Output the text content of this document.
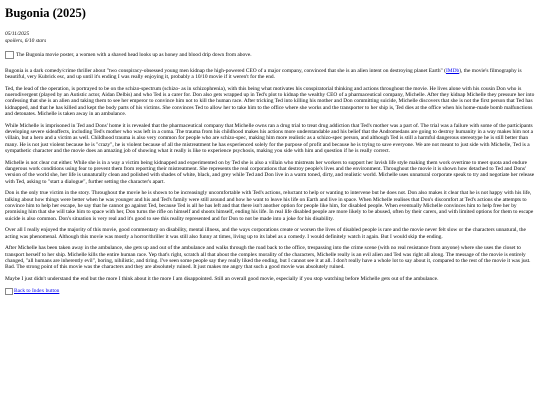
Bugonia (2025)
05/11/2025
spoilers, 6/10 stars
The Bugonia movie poster, a women with a shaved head looks up as honey and blood drip down from above.

Bugonia is a dark comedy/crime thriller about "two conspiracy-obsessed young men kidnap the high-powered CEO of a major company, convinced that she is an alien intent on destroying planet Earth" (IMDb), the movie's filmography is beautiful, very Kubrick esc, and up until it's ending I was really enjoying it, probably a 10/10 movie if it weren't for the end.

Ted, the lead of the operation, is portrayed to be on the schizo-spectrum (schizo- as in schizophrenia), with this being what motivates his conspiratorial thinking and actions throughout the movie. He lives alone with his cousin Don who is nuerodivergent (played by an Autistic actor, Aidan Delbis) and who Ted is a carer for. Don also gets wrapped up in Ted's plot to kidnap the wealthy CEO of a pharmaceutical company, Michelle. After they kidnap Michelle they pressure her into confessing that she is an alien and taking them to see her emperor to convince him not to kill the human race. After tricking Ted into killing his mother and Don committing suicide, Michelle discovers that she is not the first person that Ted has kidnapped, and that he has killed and kept the body parts of his victims. She convinces Ted to allow her to take him to the office where she works and the transporter to her ship is, Ted dies at the office when his home-made bomb malfunctions and detonates. Michelle is taken away in an ambulance.

While Michelle is imprisoned in Ted and Dons' home it is revealed that the pharmaceutical company that Michelle owns ran a drug trial to treat drug addiction that Ted's mother was a part of. The trial was a failure with some of the participants developing severe sideaffects, including Ted's mother who was left in a coma. The trauma from his childhood makes his actions more understandable and his belief that the Andromedans are going to destroy humanity in a way makes him not a villain, but a hero and a victim as well. Childhood trauma is also very common for people who are schizo-spec, making him more realistic as a schizo-spec person, and although Ted is still a harmful dangerous stereotype he is still better than many. He is not just violent because he is "crazy", he is violent because of all the mistreatment he has experienced solely for the purpose of profit and because he is trying to save everyone. We are not meant to just side with Michelle, Ted is a sympathetic character and the movie does an amazing job of showing what it really is like to experience psychosis, making you side with him and question if he is really correct.

Michelle is not clear cut either. While she is in a way a victim being kidnapped and experimented on by Ted she is also a villain who mistreats her workers to support her lavish life style making them work overtime to meet quota and endure dangerous work conditions using fear to prevent them from reporting their mistreatment. She represents the real corporations that destroy people's lives and the environment. Throughout the movie it is shown how detached to Ted and Dons' version of the world she, her life is unnaturally clean and polished with shades of white, black, and grey while Ted and Don live in a warm toned, dirty, and realistic world. Michelle uses unnatural corporate speak to try and negotiate her release with Ted, asking to "start a dialogue", further setting the character's apart.

Don is the only true victim in the story. Throughout the movie he is shown to be increasingly uncomfortable with Ted's actions, reluctant to help or wanting to intervene but he does not. Don also makes it clear that he is not happy with his life, talking about how things were better when he was younger and his and Ted's family were still around and how he want to leave his life on Earth and live in space. When Michelle realises that Don's discomfort at Ted's actions she attempts to convince him to help her escape, he say that he cannot go against Ted, because Ted is all he has left and that there isn't another option for people like him, for disabled people. When eventually Michelle convinces him to help free her by promising him that she will take him to space with her, Don turns the rifle on himself and shoots himself, ending his life. In real life disabled people are more likely to be abused, often by their carers, and with limited options for them to escape suicide is also common. Don's situation is very real and it's good to see this reality represented and for Don to not be made into a joke for his disability.

Over all I really enjoyed the majority of this movie, good commentary on disability, mental illness, and the ways corporations create or worsen the lives of disabled people is rare and the movie never felt slow or the characters unnatural, the acting was phenomenal. Although this movie was mostly a horror/thriller it was still also funny at times, living up to its label as a comedy. I would definitely watch it again. But I would skip the ending.

After Michelle has been taken away in the ambulance, she gets up and out of the ambulance and walks through the road back to the office, trespassing into the crime scene (with no real resistance from anyone) where she uses the closet to transport herself to her ship. Michelle kills the entire human race. Yep that's right, scratch all that about the complex morality of the characters, Michelle really is an evil alien and Ted was right all along. The message of the movie is entirely changed, "all humans are inherently evil", boring, nihilistic, and tiring. I've seen some people say they really liked the ending, but I cannot see it at all. I don't really have a whole lot to say about it, compared to the rest of the movie it was just. Bad. The strong point of this movie was the characters and they are absolutely ruined. It just makes me angry that such a good movie was absolutely ruined.

Maybe I just didn't understand the end but the more I think about it the more I am disappointed. Still an overall good movie, especially if you stop watching before Michelle gets out of the ambulance.

Back to Index button
